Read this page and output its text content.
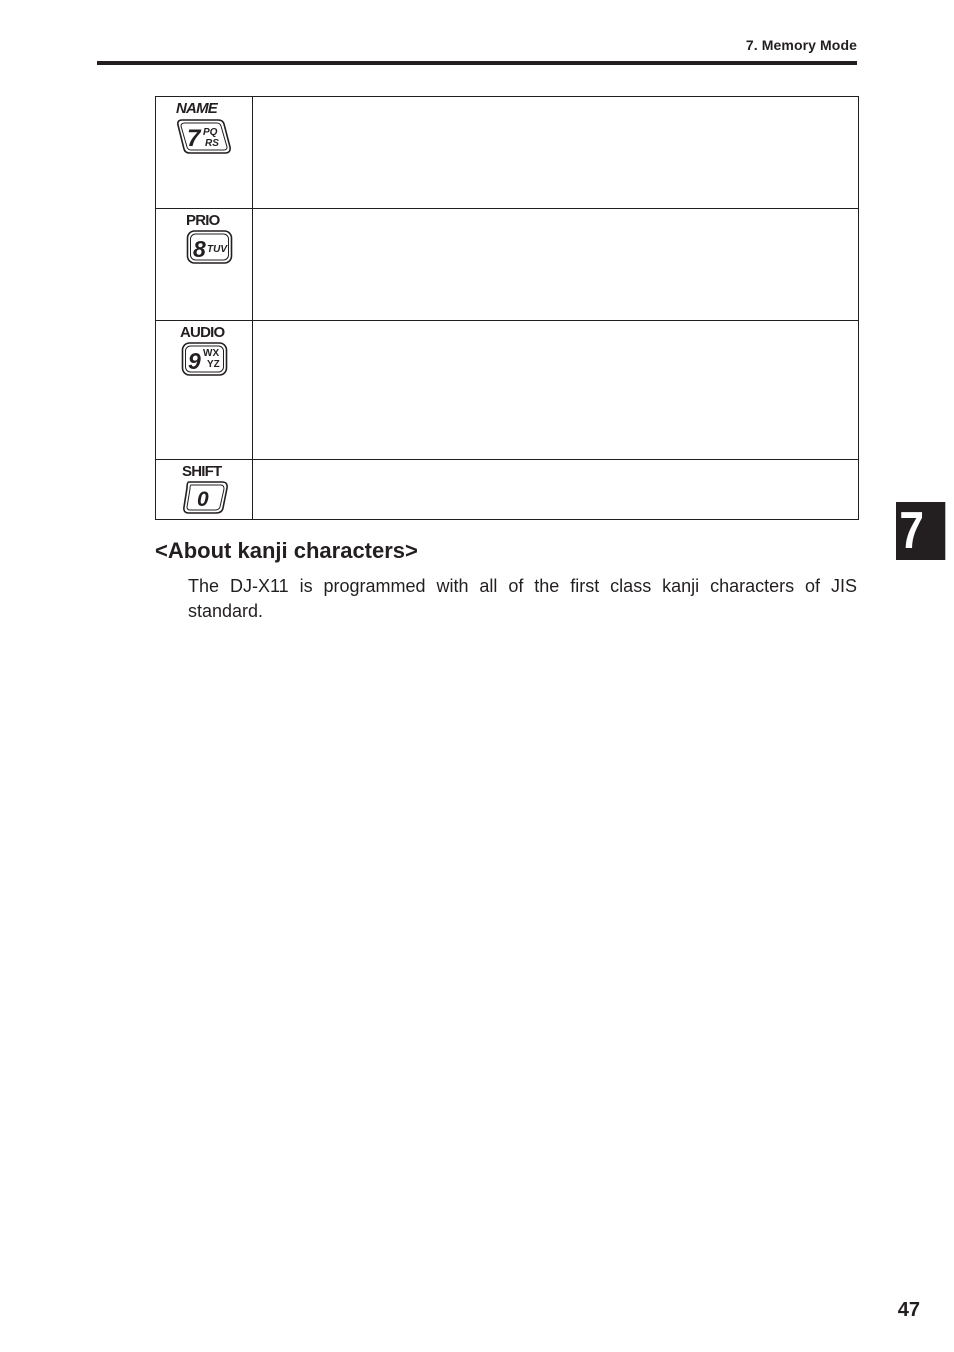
7. Memory Mode
NAME
7 PQ
RS	

PRIO
8 TUV	

AUDIO
9 WX
YZ	

SHIFT
0	

7
<About kanji characters>
The DJ-X11 is programmed with all of the first class kanji characters of JIS standard.
47
